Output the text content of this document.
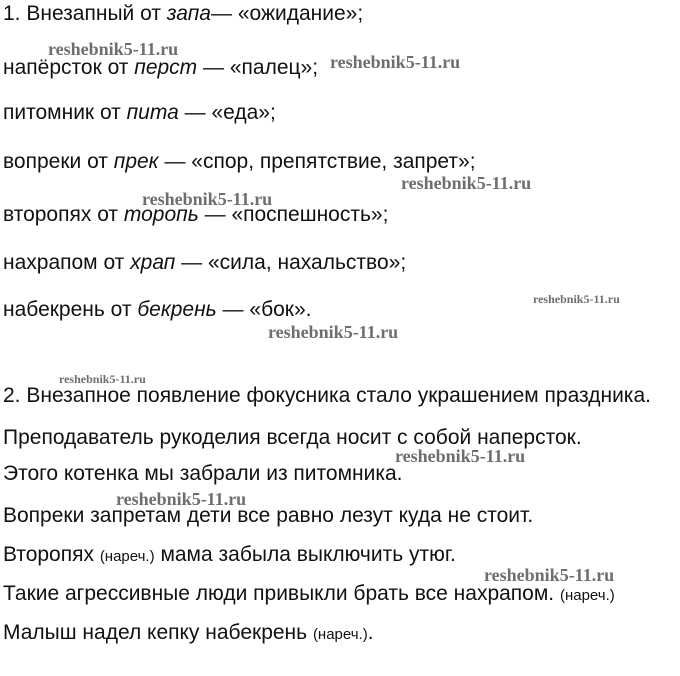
1. Внезапный от запа— «ожидание»;
напёрсток от перст — «палец»;
питомник от пита — «еда»;
вопреки от прек — «спор, препятствие, запрет»;
второпях от торопь — «поспешность»;
нахрапом от храп — «сила, нахальство»;
набекрень от бекрень — «бок».
2. Внезапное появление фокусника стало украшением праздника.
Преподаватель рукоделия всегда носит с собой наперсток.
Этого котенка мы забрали из питомника.
Вопреки запретам дети все равно лезут куда не стоит.
Второпях (нареч.) мама забыла выключить утюг.
Такие агрессивные люди привыкли брать все нахрапом. (нареч.)
Малыш надел кепку набекрень (нареч.).
reshebnik5-11.ru
reshebnik5-11.ru
reshebnik5-11.ru
reshebnik5-11.ru
reshebnik5-11.ru
reshebnik5-11.ru
reshebnik5-11.ru
reshebnik5-11.ru
reshebnik5-11.ru
reshebnik5-11.ru
